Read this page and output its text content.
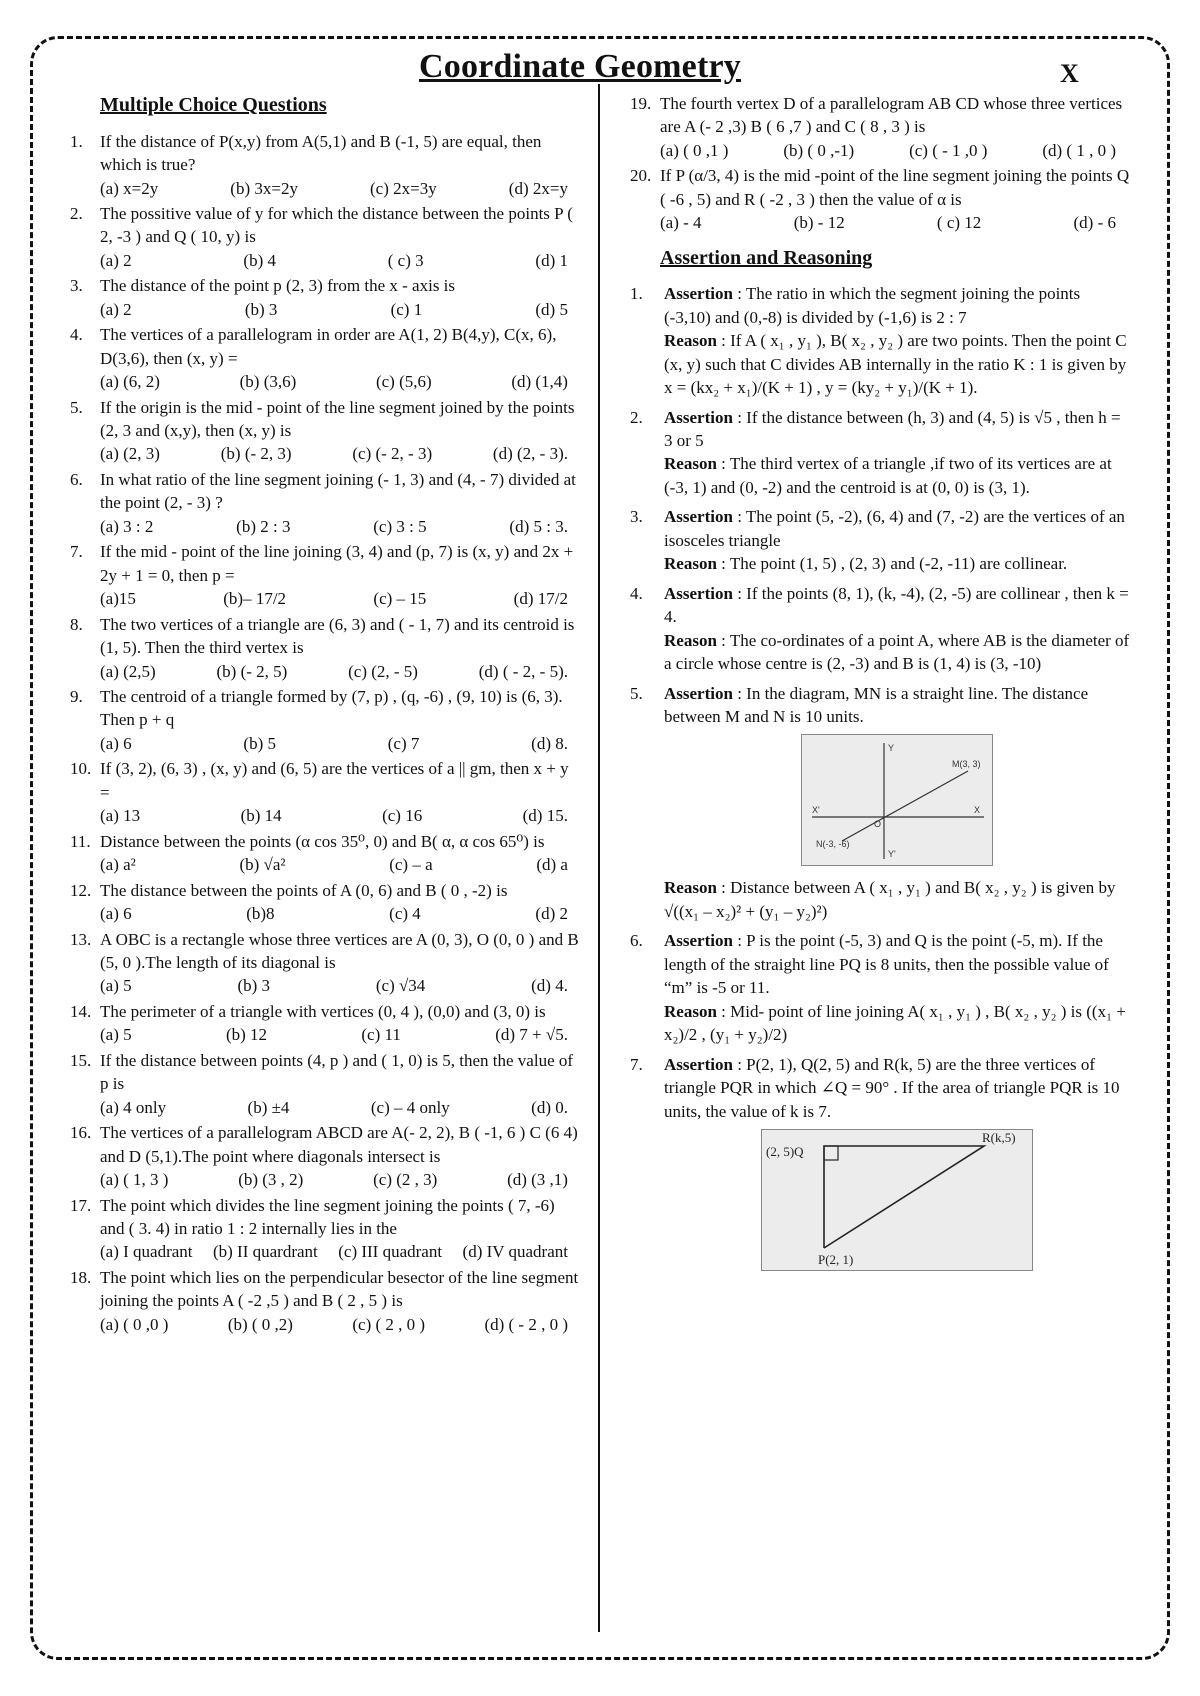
Coordinate Geometry	X
Multiple Choice Questions
1.	If the distance of P(x,y) from A(5,1) and B (-1, 5) are equal, then which is true?
(a) x=2y	(b) 3x=2y	(c) 2x=3y	(d) 2x=y
2.	The possitive value of y for which the distance between the points P ( 2, -3 ) and Q ( 10, y) is
(a) 2	(b) 4	( c) 3	(d) 1
3.	The distance of the point p (2, 3) from the x - axis is
(a) 2	(b) 3	(c) 1	(d) 5
4.	The vertices of a parallelogram in order are A(1, 2) B(4,y), C(x, 6), D(3,6), then (x, y) =
(a) (6, 2)	(b) (3,6)	(c) (5,6)	(d) (1,4)
5.	If the origin is the mid - point of the line segment joined by the points (2, 3 and (x,y), then (x, y) is
(a) (2, 3)	(b) (- 2, 3)	(c) (- 2, - 3)	(d) (2, - 3).
6.	In what ratio of the line segment joining (- 1, 3) and (4, - 7) divided at the point (2, - 3) ?
(a) 3 : 2	(b) 2 : 3	(c) 3 : 5	(d) 5 : 3.
7.	If the mid - point of the line joining (3, 4) and (p, 7) is (x, y) and 2x + 2y + 1 = 0, then p =
(a)15	(b)– 17/2	(c) – 15	(d) 17/2
8.	The two vertices of a triangle are (6, 3) and ( - 1, 7) and its centroid is (1, 5). Then the third vertex is
(a) (2,5)	(b) (- 2, 5)	(c) (2, - 5)	(d) ( - 2, - 5).
9.	The centroid of a triangle formed by (7, p) , (q, -6) , (9, 10) is (6, 3). Then p + q
(a) 6	(b) 5	(c) 7	(d) 8.
10. If (3, 2), (6, 3) , (x, y) and (6, 5) are the vertices of a || gm, then x + y =
(a) 13	(b) 14	(c) 16	(d) 15.
11. Distance between the points (α cos 35⁰, 0) and B( α, α cos 65⁰) is
(a) a²	(b) √a²	(c) – a	(d) a
12. The distance between the points of A (0, 6) and B ( 0 , -2) is
(a) 6	(b)8	(c) 4	(d) 2
13. A OBC is a rectangle whose three vertices are A (0, 3), O (0, 0 ) and B (5, 0 ).The length of its diagonal is
(a) 5	(b) 3	(c) √34	(d) 4.
14. The perimeter of a triangle with vertices (0, 4 ), (0,0) and (3, 0) is
(a) 5	(b) 12	(c) 11	(d) 7 + √5.
15. If the distance between points (4, p ) and ( 1, 0) is 5, then the value of p is
(a) 4 only	(b) ±4	(c) – 4 only	(d) 0.
16. The vertices of a parallelogram ABCD are A(- 2, 2), B ( -1, 6 ) C (6 4) and D (5,1).The point where diagonals intersect is
(a) ( 1, 3 )	(b) (3 , 2)	(c) (2 , 3)	(d) (3 ,1)
17. The point which divides the line segment joining the points ( 7, -6) and ( 3. 4) in ratio 1 : 2 internally lies in the
(a) I quadrant (b) II quardrant (c) III quadrant (d) IV quadrant
18. The point which lies on the perpendicular besector of the line segment joining the points A ( -2 ,5 ) and B ( 2 , 5 ) is
(a) ( 0 ,0 )	(b) ( 0 ,2)	(c) ( 2 , 0 )	(d) ( - 2 , 0 )
19. The fourth vertex D of a parallelogram AB CD whose three vertices are A (- 2 ,3) B ( 6 ,7 ) and C ( 8 , 3 ) is
(a) ( 0 ,1 )	(b) ( 0 ,-1)	(c) ( - 1 ,0 )	(d) ( 1 , 0 )
20. If P (α/3, 4) is the mid -point of the line segment joining the points Q ( -6 , 5) and R ( -2 , 3 ) then the value of α is
(a) - 4	(b) - 12	( c) 12	(d) - 6
Assertion and Reasoning
1.	Assertion : The ratio in which the segment joining the points (-3,10) and (0,-8) is divided by (-1,6) is 2 : 7
Reason : If A ( x₁ , y₁ ), B( x₂ , y₂ ) are two points. Then the point C (x, y) such that C divides AB internally in the ratio K : 1 is given by x = (kx₂ + x₁)/(K + 1) , y = (ky₂ + y₁)/(K + 1).
2.	Assertion : If the distance between (h, 3) and (4, 5) is √5 , then h = 3 or 5
Reason : The third vertex of a triangle ,if two of its vertices are at (-3, 1) and (0, -2) and the centroid is at (0, 0) is (3, 1).
3.	Assertion : The point (5, -2), (6, 4) and (7, -2) are the vertices of an isosceles triangle
Reason : The point (1, 5) , (2, 3) and (-2, -11) are collinear.
4.	Assertion : If the points (8, 1), (k, -4), (2, -5) are collinear , then k = 4.
Reason : The co-ordinates of a point A, where AB is the diameter of a circle whose centre is (2, -3) and B is (1, 4) is (3, -10)
5.	Assertion : In the diagram, MN is a straight line. The distance between M and N is 10 units.
Y
X'	X
Y'
O
M(3, 3)
N(-3, -6)
Reason : Distance between A ( x₁ , y₁ ) and B( x₂ , y₂ ) is given by √((x₁ – x₂)² + (y₁ – y₂)²)
6.	Assertion : P is the point (-5, 3) and Q is the point (-5, m). If the length of the straight line PQ is 8 units, then the possible value of “m” is -5 or 11.
Reason : Mid- point of line joining A( x₁ , y₁ ) , B( x₂ , y₂ ) is ((x₁ + x₂)/2 , (y₁ + y₂)/2)
7.	Assertion : P(2, 1), Q(2, 5) and R(k, 5) are the three vertices of triangle PQR in which ∠Q = 90° . If the area of triangle PQR is 10 units, the value of k is 7.
(2, 5)Q
R(k,5)
P(2, 1)
